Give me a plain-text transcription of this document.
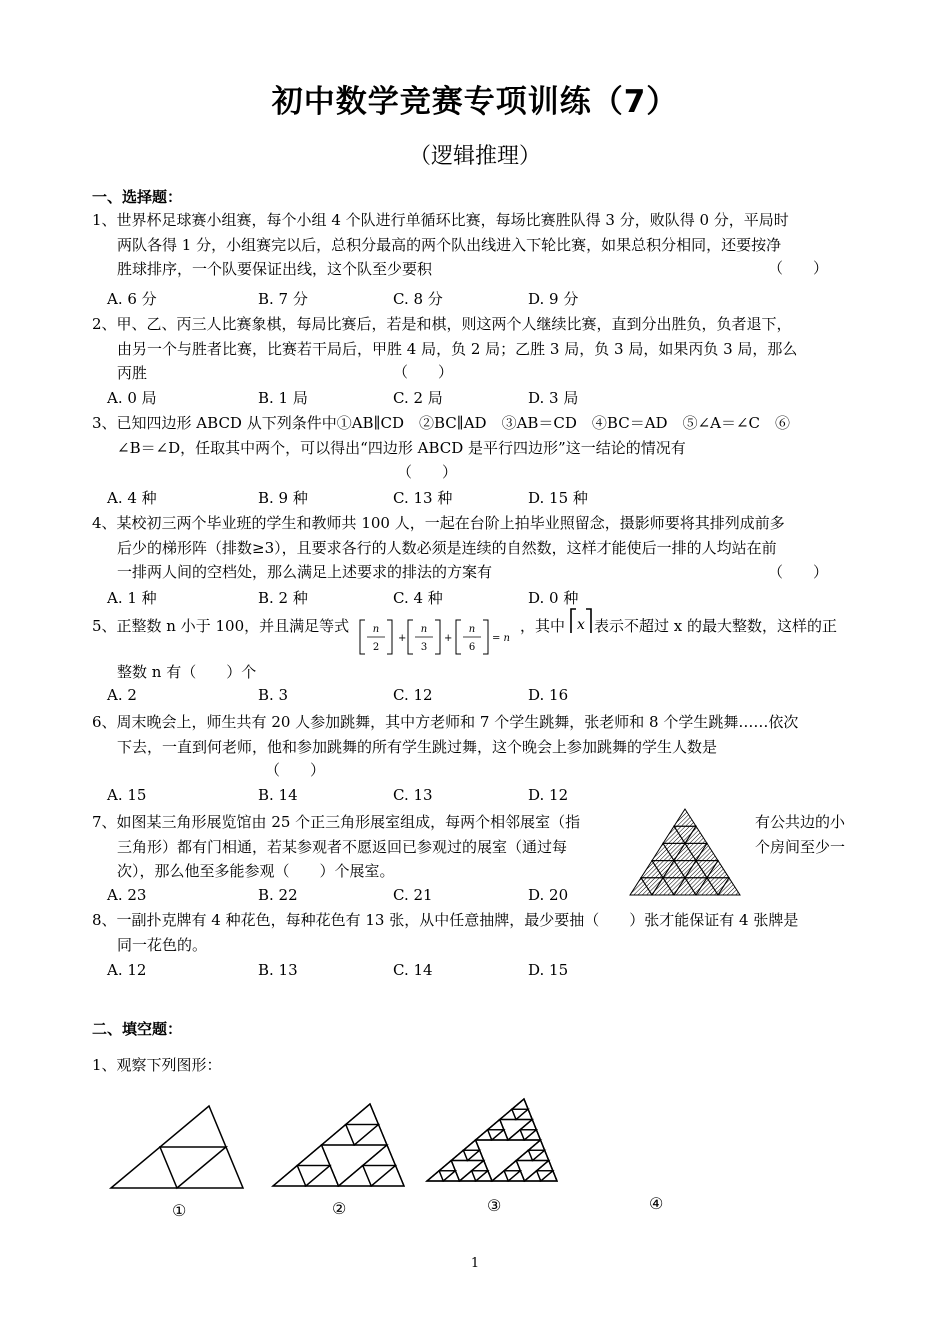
初中数学竞赛专项训练（7）
（逻辑推理）
一、选择题：
1、世界杯足球赛小组赛，每个小组 4 个队进行单循环比赛，每场比赛胜队得 3 分，败队得 0 分，平局时
两队各得 1 分，小组赛完以后，总积分最高的两个队出线进入下轮比赛，如果总积分相同，还要按净
胜球排序，一个队要保证出线，这个队至少要积	（　　）
A. 6 分	B. 7 分	C. 8 分	D. 9 分
2、甲、乙、丙三人比赛象棋，每局比赛后，若是和棋，则这两个人继续比赛，直到分出胜负，负者退下，
由另一个与胜者比赛，比赛若干局后，甲胜 4 局，负 2 局；乙胜 3 局，负 3 局，如果丙负 3 局，那么
丙胜	（　　）
A. 0 局	B. 1 局	C. 2 局	D. 3 局
3、已知四边形 ABCD 从下列条件中①AB∥CD　②BC∥AD　③AB＝CD　④BC＝AD　⑤∠A＝∠C　⑥
∠B＝∠D，任取其中两个，可以得出“四边形 ABCD 是平行四边形”这一结论的情况有
（　　）
A. 4 种	B. 9 种	C. 13 种	D. 15 种
4、某校初三两个毕业班的学生和教师共 100 人，一起在台阶上拍毕业照留念，摄影师要将其排列成前多
后少的梯形阵（排数≥3），且要求各行的人数必须是连续的自然数，这样才能使后一排的人均站在前
一排两人间的空档处，那么满足上述要求的排法的方案有	（　　）
A. 1 种	B. 2 种	C. 4 种	D. 0 种
5、正整数 n 小于 100，并且满足等式 n
2
+
n
3
+
n
6
= n
，其中 x 表示不超过 x 的最大整数，这样的正
整数 n 有（　　）个
A. 2	B. 3	C. 12	D. 16
6、周末晚会上，师生共有 20 人参加跳舞，其中方老师和 7 个学生跳舞，张老师和 8 个学生跳舞……依次
下去，一直到何老师，他和参加跳舞的所有学生跳过舞，这个晚会上参加跳舞的学生人数是
（　　）
A. 15	B. 14	C. 13	D. 12
7、如图某三角形展览馆由 25 个正三角形展室组成，每两个相邻展室（指
三角形）都有门相通，若某参观者不愿返回已参观过的展室（通过每
次），那么他至多能参观（　　）个展室。
有公共边的小
个房间至少一
A. 23	B. 22	C. 21	D. 20
8、一副扑克牌有 4 种花色，每种花色有 13 张，从中任意抽牌，最少要抽（　　）张才能保证有 4 张牌是
同一花色的。
A. 12	B. 13	C. 14	D. 15
二、填空题：
1、观察下列图形：
①	②	③	④
1
